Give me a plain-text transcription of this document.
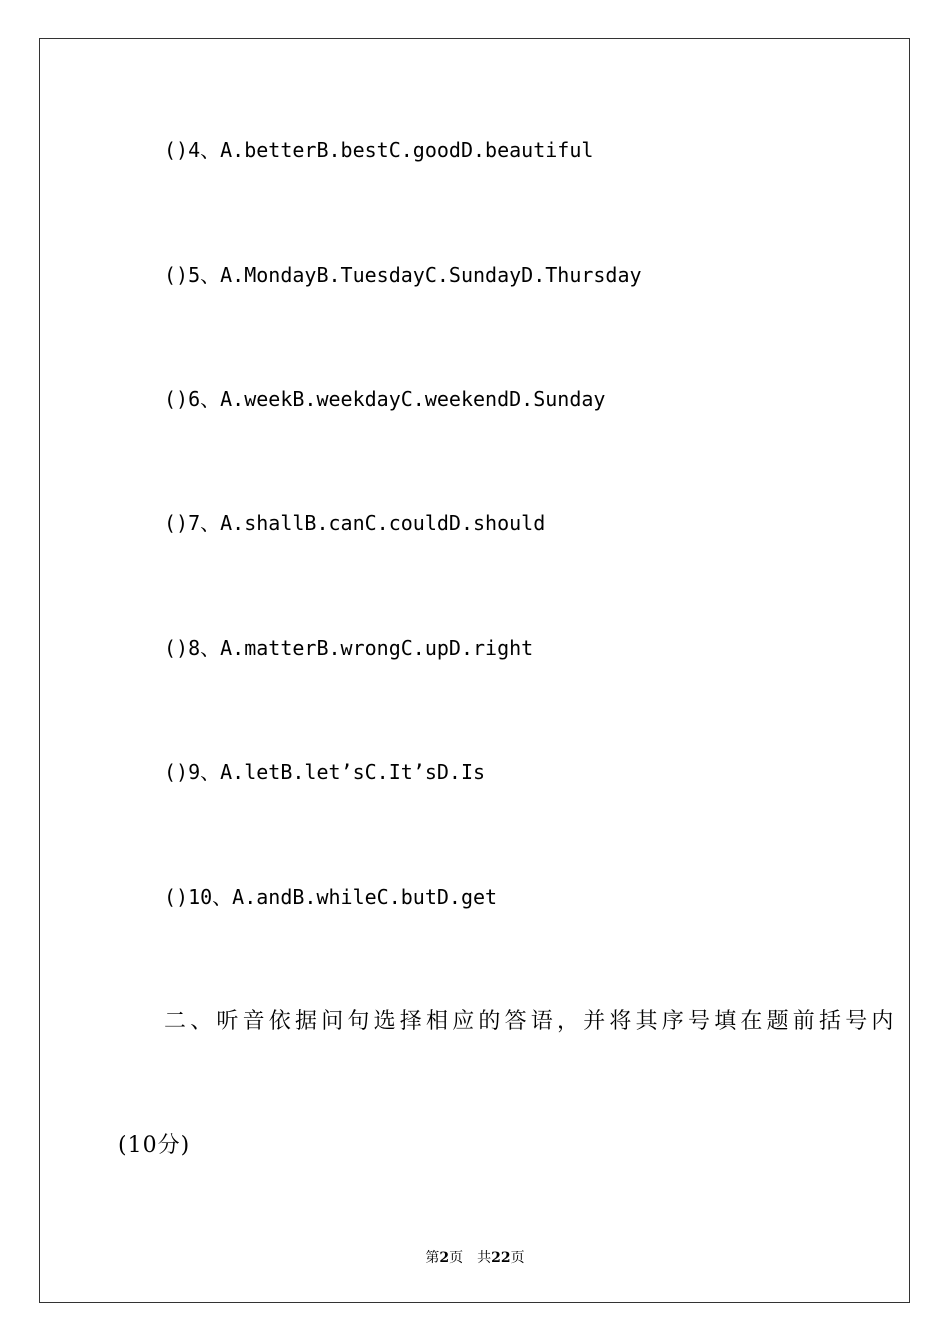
()4、A.betterB.bestC.goodD.beautiful
()5、A.MondayB.TuesdayC.SundayD.Thursday
()6、A.weekB.weekdayC.weekendD.Sunday
()7、A.shallB.canC.couldD.should
()8、A.matterB.wrongC.upD.right
()9、A.letB.let’sC.It’sD.Is
()10、A.andB.whileC.butD.get
二、听音依据问句选择相应的答语，并将其序号填在题前括号内
(10分)
第2页 共22页
